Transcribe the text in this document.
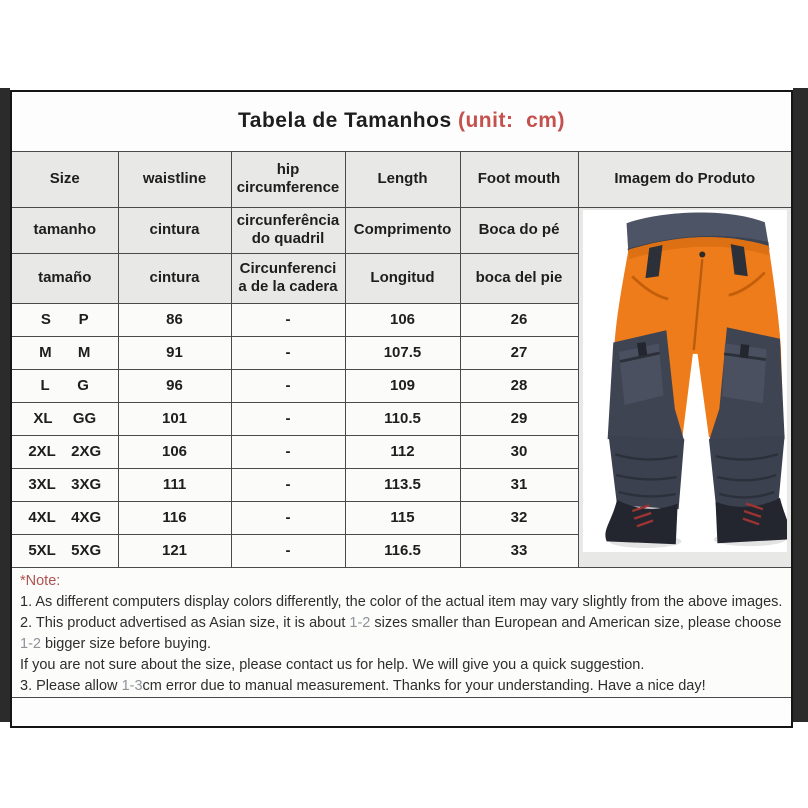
Tabela de Tamanhos (unit:  cm)					
Size	waistline	hip circumference	Length	Foot mouth	Imagem do Produto
tamanho	cintura	circunferência do quadril	Comprimento	Boca do pé	

tamaño	cintura	Circunferenci a de la cadera	Longitud	boca del pie	

S P	86	-	106	26	

M M	91	-	107.5	27	

L G	96	-	109	28	

XL GG	101	-	110.5	29	

2XL 2XG	106	-	112	30	

3XL 3XG	111	-	113.5	31	

4XL 4XG	116	-	115	32	

5XL 5XG	121	-	116.5	33	

*Note:
1. As different computers display colors differently, the color of the actual item may vary slightly from the above images.
2. This product advertised as Asian size, it is about 1-2 sizes smaller than European and American size, please choose 1-2 bigger size before buying.
If you are not sure about the size, please contact us for help. We will give you a quick suggestion.
3. Please allow 1-3cm error due to manual measurement. Thanks for your understanding. Have a nice day!					
